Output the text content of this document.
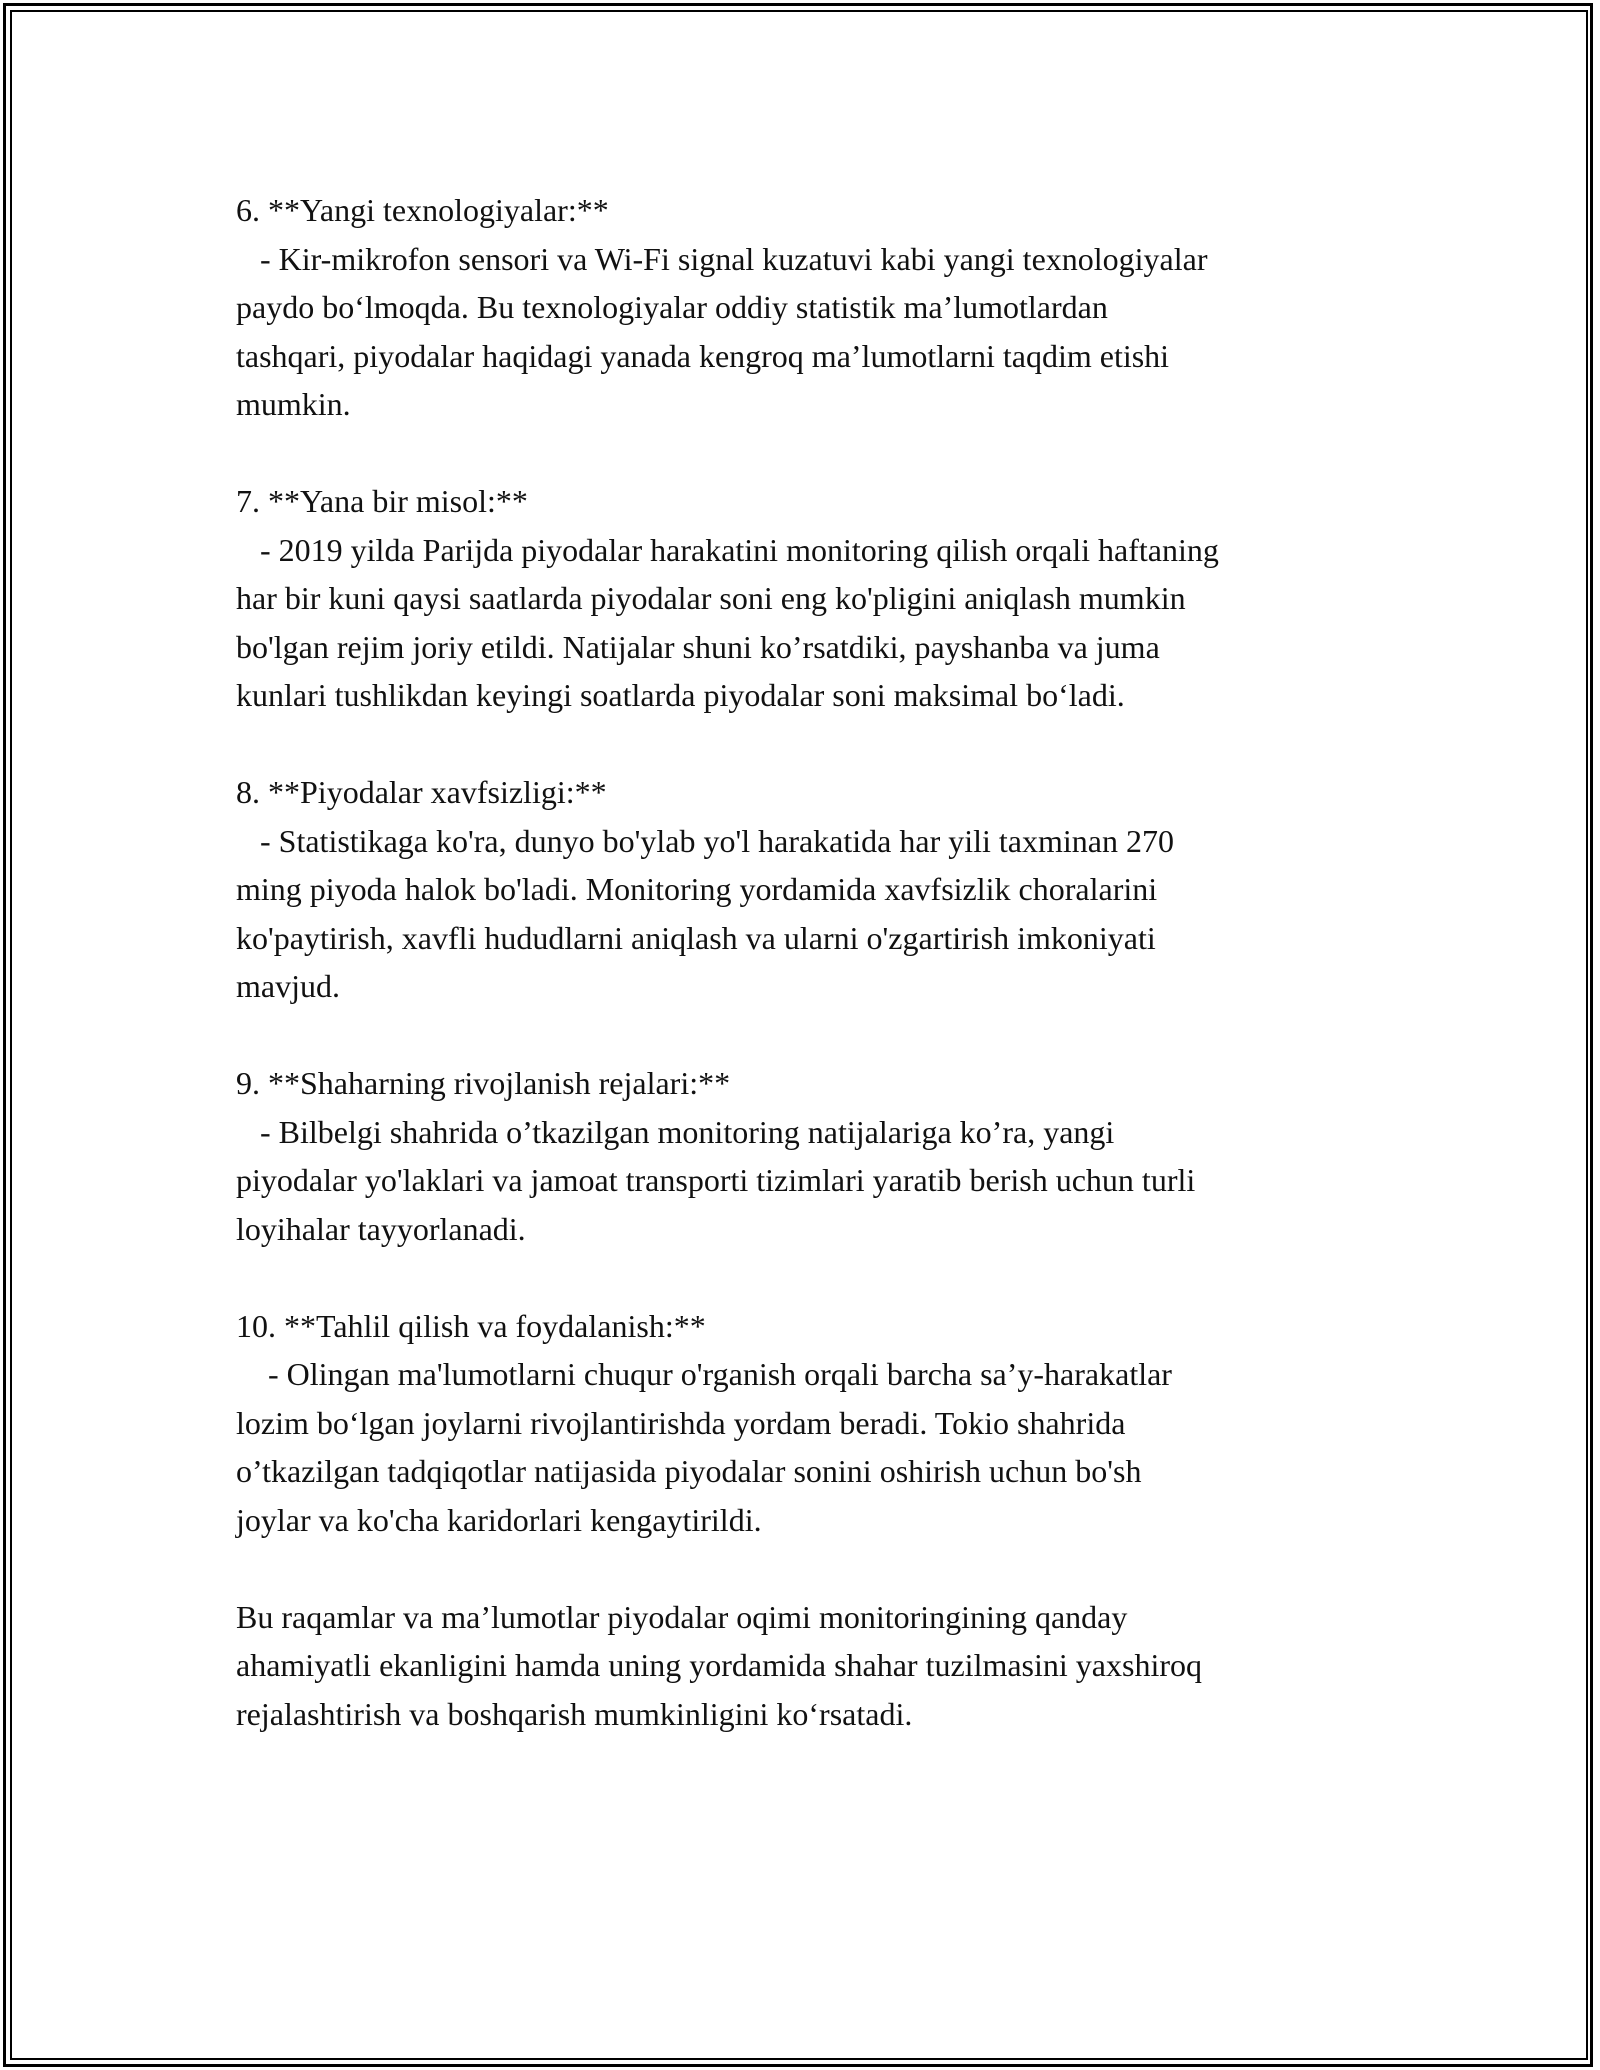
6. **Yangi texnologiyalar:**
- Kir-mikrofon sensori va Wi-Fi signal kuzatuvi kabi yangi texnologiyalar
paydo boʻlmoqda. Bu texnologiyalar oddiy statistik maʼlumotlardan
tashqari, piyodalar haqidagi yanada kengroq maʼlumotlarni taqdim etishi
mumkin.
7. **Yana bir misol:**
- 2019 yilda Parijda piyodalar harakatini monitoring qilish orqali haftaning
har bir kuni qaysi saatlarda piyodalar soni eng ko'pligini aniqlash mumkin
bo'lgan rejim joriy etildi. Natijalar shuni ko’rsatdiki, payshanba va juma
kunlari tushlikdan keyingi soatlarda piyodalar soni maksimal boʻladi.
8. **Piyodalar xavfsizligi:**
- Statistikaga ko'ra, dunyo bo'ylab yo'l harakatida har yili taxminan 270
ming piyoda halok bo'ladi. Monitoring yordamida xavfsizlik choralarini
ko'paytirish, xavfli hududlarni aniqlash va ularni o'zgartirish imkoniyati
mavjud.
9. **Shaharning rivojlanish rejalari:**
- Bilbelgi shahrida o’tkazilgan monitoring natijalariga ko’ra, yangi
piyodalar yo'laklari va jamoat transporti tizimlari yaratib berish uchun turli
loyihalar tayyorlanadi.
10. **Tahlil qilish va foydalanish:**
- Olingan ma'lumotlarni chuqur o'rganish orqali barcha sa’y-harakatlar
lozim boʻlgan joylarni rivojlantirishda yordam beradi. Tokio shahrida
o’tkazilgan tadqiqotlar natijasida piyodalar sonini oshirish uchun bo'sh
joylar va ko'cha karidorlari kengaytirildi.
Bu raqamlar va maʼlumotlar piyodalar oqimi monitoringining qanday
ahamiyatli ekanligini hamda uning yordamida shahar tuzilmasini yaxshiroq
rejalashtirish va boshqarish mumkinligini koʻrsatadi.
